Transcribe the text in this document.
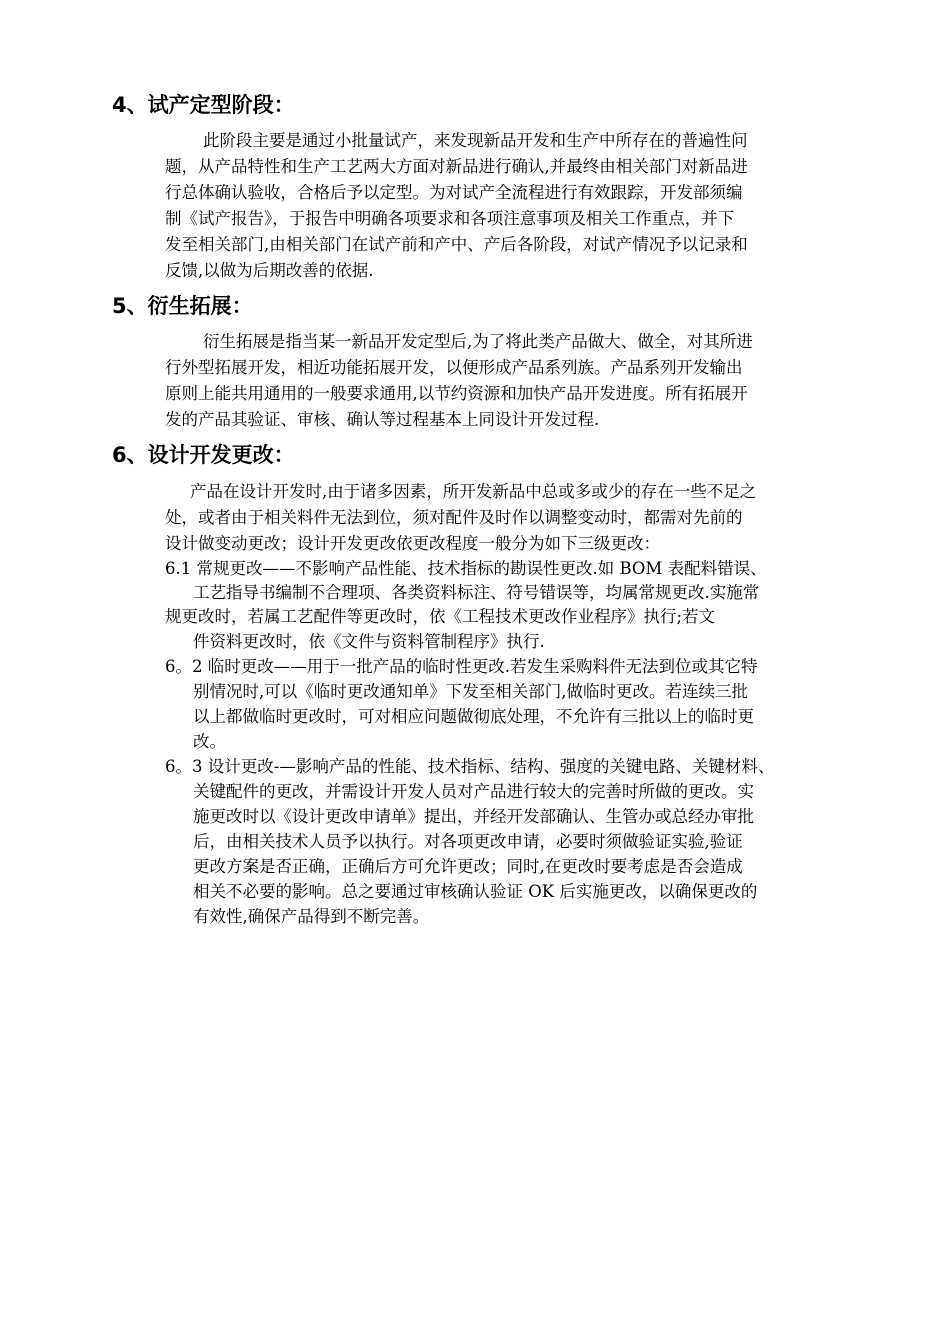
4、试产定型阶段：
此阶段主要是通过小批量试产，来发现新品开发和生产中所存在的普遍性问
题，从产品特性和生产工艺两大方面对新品进行确认,并最终由相关部门对新品进
行总体确认验收，合格后予以定型。为对试产全流程进行有效跟踪，开发部须编
制《试产报告》，于报告中明确各项要求和各项注意事项及相关工作重点，并下
发至相关部门,由相关部门在试产前和产中、产后各阶段，对试产情况予以记录和
反馈,以做为后期改善的依据.
5、衍生拓展：
衍生拓展是指当某一新品开发定型后,为了将此类产品做大、做全，对其所进
行外型拓展开发，相近功能拓展开发，以便形成产品系列族。产品系列开发输出
原则上能共用通用的一般要求通用,以节约资源和加快产品开发进度。所有拓展开
发的产品其验证、审核、确认等过程基本上同设计开发过程.
6、设计开发更改：
产品在设计开发时,由于诸多因素，所开发新品中总或多或少的存在一些不足之
处，或者由于相关料件无法到位，须对配件及时作以调整变动时，都需对先前的
设计做变动更改；设计开发更改依更改程度一般分为如下三级更改：
6.1 常规更改——不影响产品性能、技术指标的勘误性更改.如 BOM 表配料错误、
工艺指导书编制不合理项、各类资料标注、符号错误等，均属常规更改.实施常
规更改时，若属工艺配件等更改时，依《工程技术更改作业程序》执行;若文
件资料更改时，依《文件与资料管制程序》执行.
6。2 临时更改——用于一批产品的临时性更改.若发生采购料件无法到位或其它特
别情况时,可以《临时更改通知单》下发至相关部门,做临时更改。若连续三批
以上都做临时更改时，可对相应问题做彻底处理，不允许有三批以上的临时更
改。
6。3 设计更改-—影响产品的性能、技术指标、结构、强度的关键电路、关键材料、
关键配件的更改，并需设计开发人员对产品进行较大的完善时所做的更改。实
施更改时以《设计更改申请单》提出，并经开发部确认、生管办或总经办审批
后，由相关技术人员予以执行。对各项更改申请，必要时须做验证实验,验证
更改方案是否正确，正确后方可允许更改；同时,在更改时要考虑是否会造成
相关不必要的影响。总之要通过审核确认验证 OK 后实施更改，以确保更改的
有效性,确保产品得到不断完善。
